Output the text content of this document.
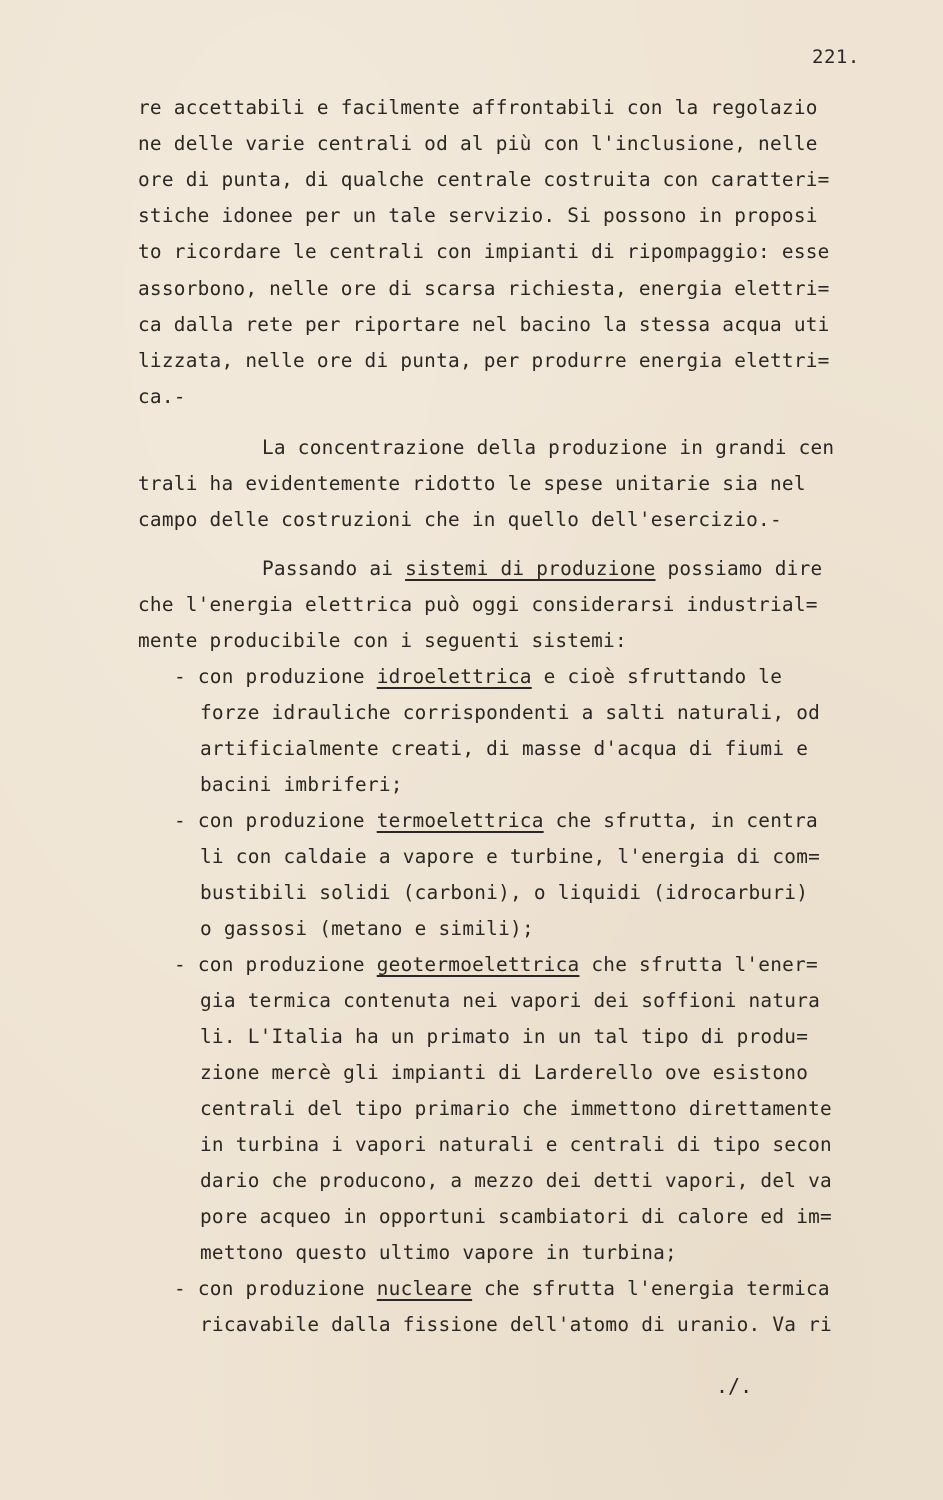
221.
re accettabili e facilmente affrontabili con la regolazio
ne delle varie centrali od al più con l'inclusione, nelle
ore di punta, di qualche centrale costruita con caratteri=
stiche idonee per un tale servizio. Si possono in proposi
to ricordare le centrali con impianti di ripompaggio: esse
assorbono, nelle ore di scarsa richiesta, energia elettri=
ca dalla rete per riportare nel bacino la stessa acqua uti
lizzata, nelle ore di punta, per produrre energia elettri=
ca.-
La concentrazione della produzione in grandi cen
trali ha evidentemente ridotto le spese unitarie sia nel
campo delle costruzioni che in quello dell'esercizio.-
Passando ai sistemi di produzione possiamo dire
che l'energia elettrica può oggi considerarsi industrial=
mente producibile con i seguenti sistemi:
- con produzione idroelettrica e cioè sfruttando le
forze idrauliche corrispondenti a salti naturali, od
artificialmente creati, di masse d'acqua di fiumi e
bacini imbriferi;
- con produzione termoelettrica che sfrutta, in centra
li con caldaie a vapore e turbine, l'energia di com=
bustibili solidi (carboni), o liquidi (idrocarburi)
o gassosi (metano e simili);
- con produzione geotermoelettrica che sfrutta l'ener=
gia termica contenuta nei vapori dei soffioni natura
li. L'Italia ha un primato in un tal tipo di produ=
zione mercè gli impianti di Larderello ove esistono
centrali del tipo primario che immettono direttamente
in turbina i vapori naturali e centrali di tipo secon
dario che producono, a mezzo dei detti vapori, del va
pore acqueo in opportuni scambiatori di calore ed im=
mettono questo ultimo vapore in turbina;
- con produzione nucleare che sfrutta l'energia termica
ricavabile dalla fissione dell'atomo di uranio. Va ri
./.
